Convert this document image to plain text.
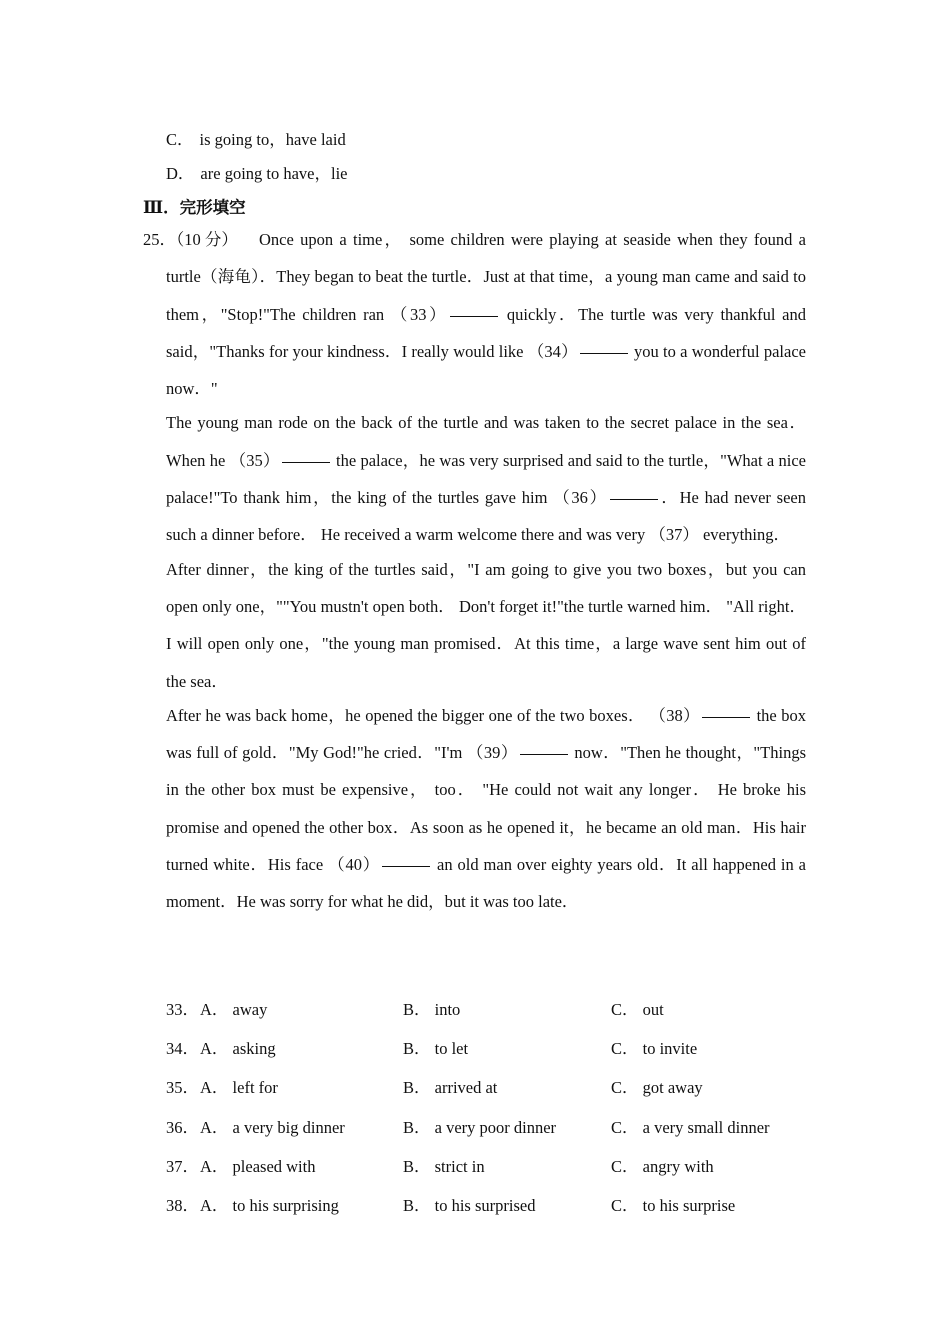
C． is going to，have laid
D． are going to have，lie
Ⅲ．完形填空
25．（10 分）	Once upon a time， some children were playing at seaside when they found a turtle（海龟）．They began to beat the turtle．Just at that time，a young man came and said to them，"Stop!"The children ran （33）	quickly．The turtle was very thankful and said，"Thanks for your kindness．I really would like （34）	you to a wonderful palace now．"

The young man rode on the back of the turtle and was taken to the secret palace in the sea．When he （35）	the palace，he was very surprised and said to the turtle，"What a nice palace!"To thank him，the king of the turtles gave him （36）	．He had never seen such a dinner before． He received a warm welcome there and was very （37） everything．

After dinner，the king of the turtles said，"I am going to give you two boxes，but you can open only one，""You mustn't open both． Don't forget it!"the turtle warned him． "All right．I will open only one，"the young man promised．At this time，a large wave sent him out of the sea．

After he was back home，he opened the bigger one of the two boxes． （38）	the box was full of gold．"My God!"he cried．"I'm （39）	now．"Then he thought，"Things in the other box must be expensive， too． "He could not wait any longer． He broke his promise and opened the other box．As soon as he opened it，he became an old man．His hair turned white．His face （40）	an old man over eighty years old．It all happened in a moment．He was sorry for what he did，but it was too late．

33． A． away	B． into	C． out
34． A． asking	B． to let	C． to invite
35． A． left for	B． arrived at	C． got away
36． A． a very big dinner	B． a very poor dinner	C． a very small dinner
37． A． pleased with	B． strict in	C． angry with
38． A． to his surprising	B． to his surprised	C． to his surprise
